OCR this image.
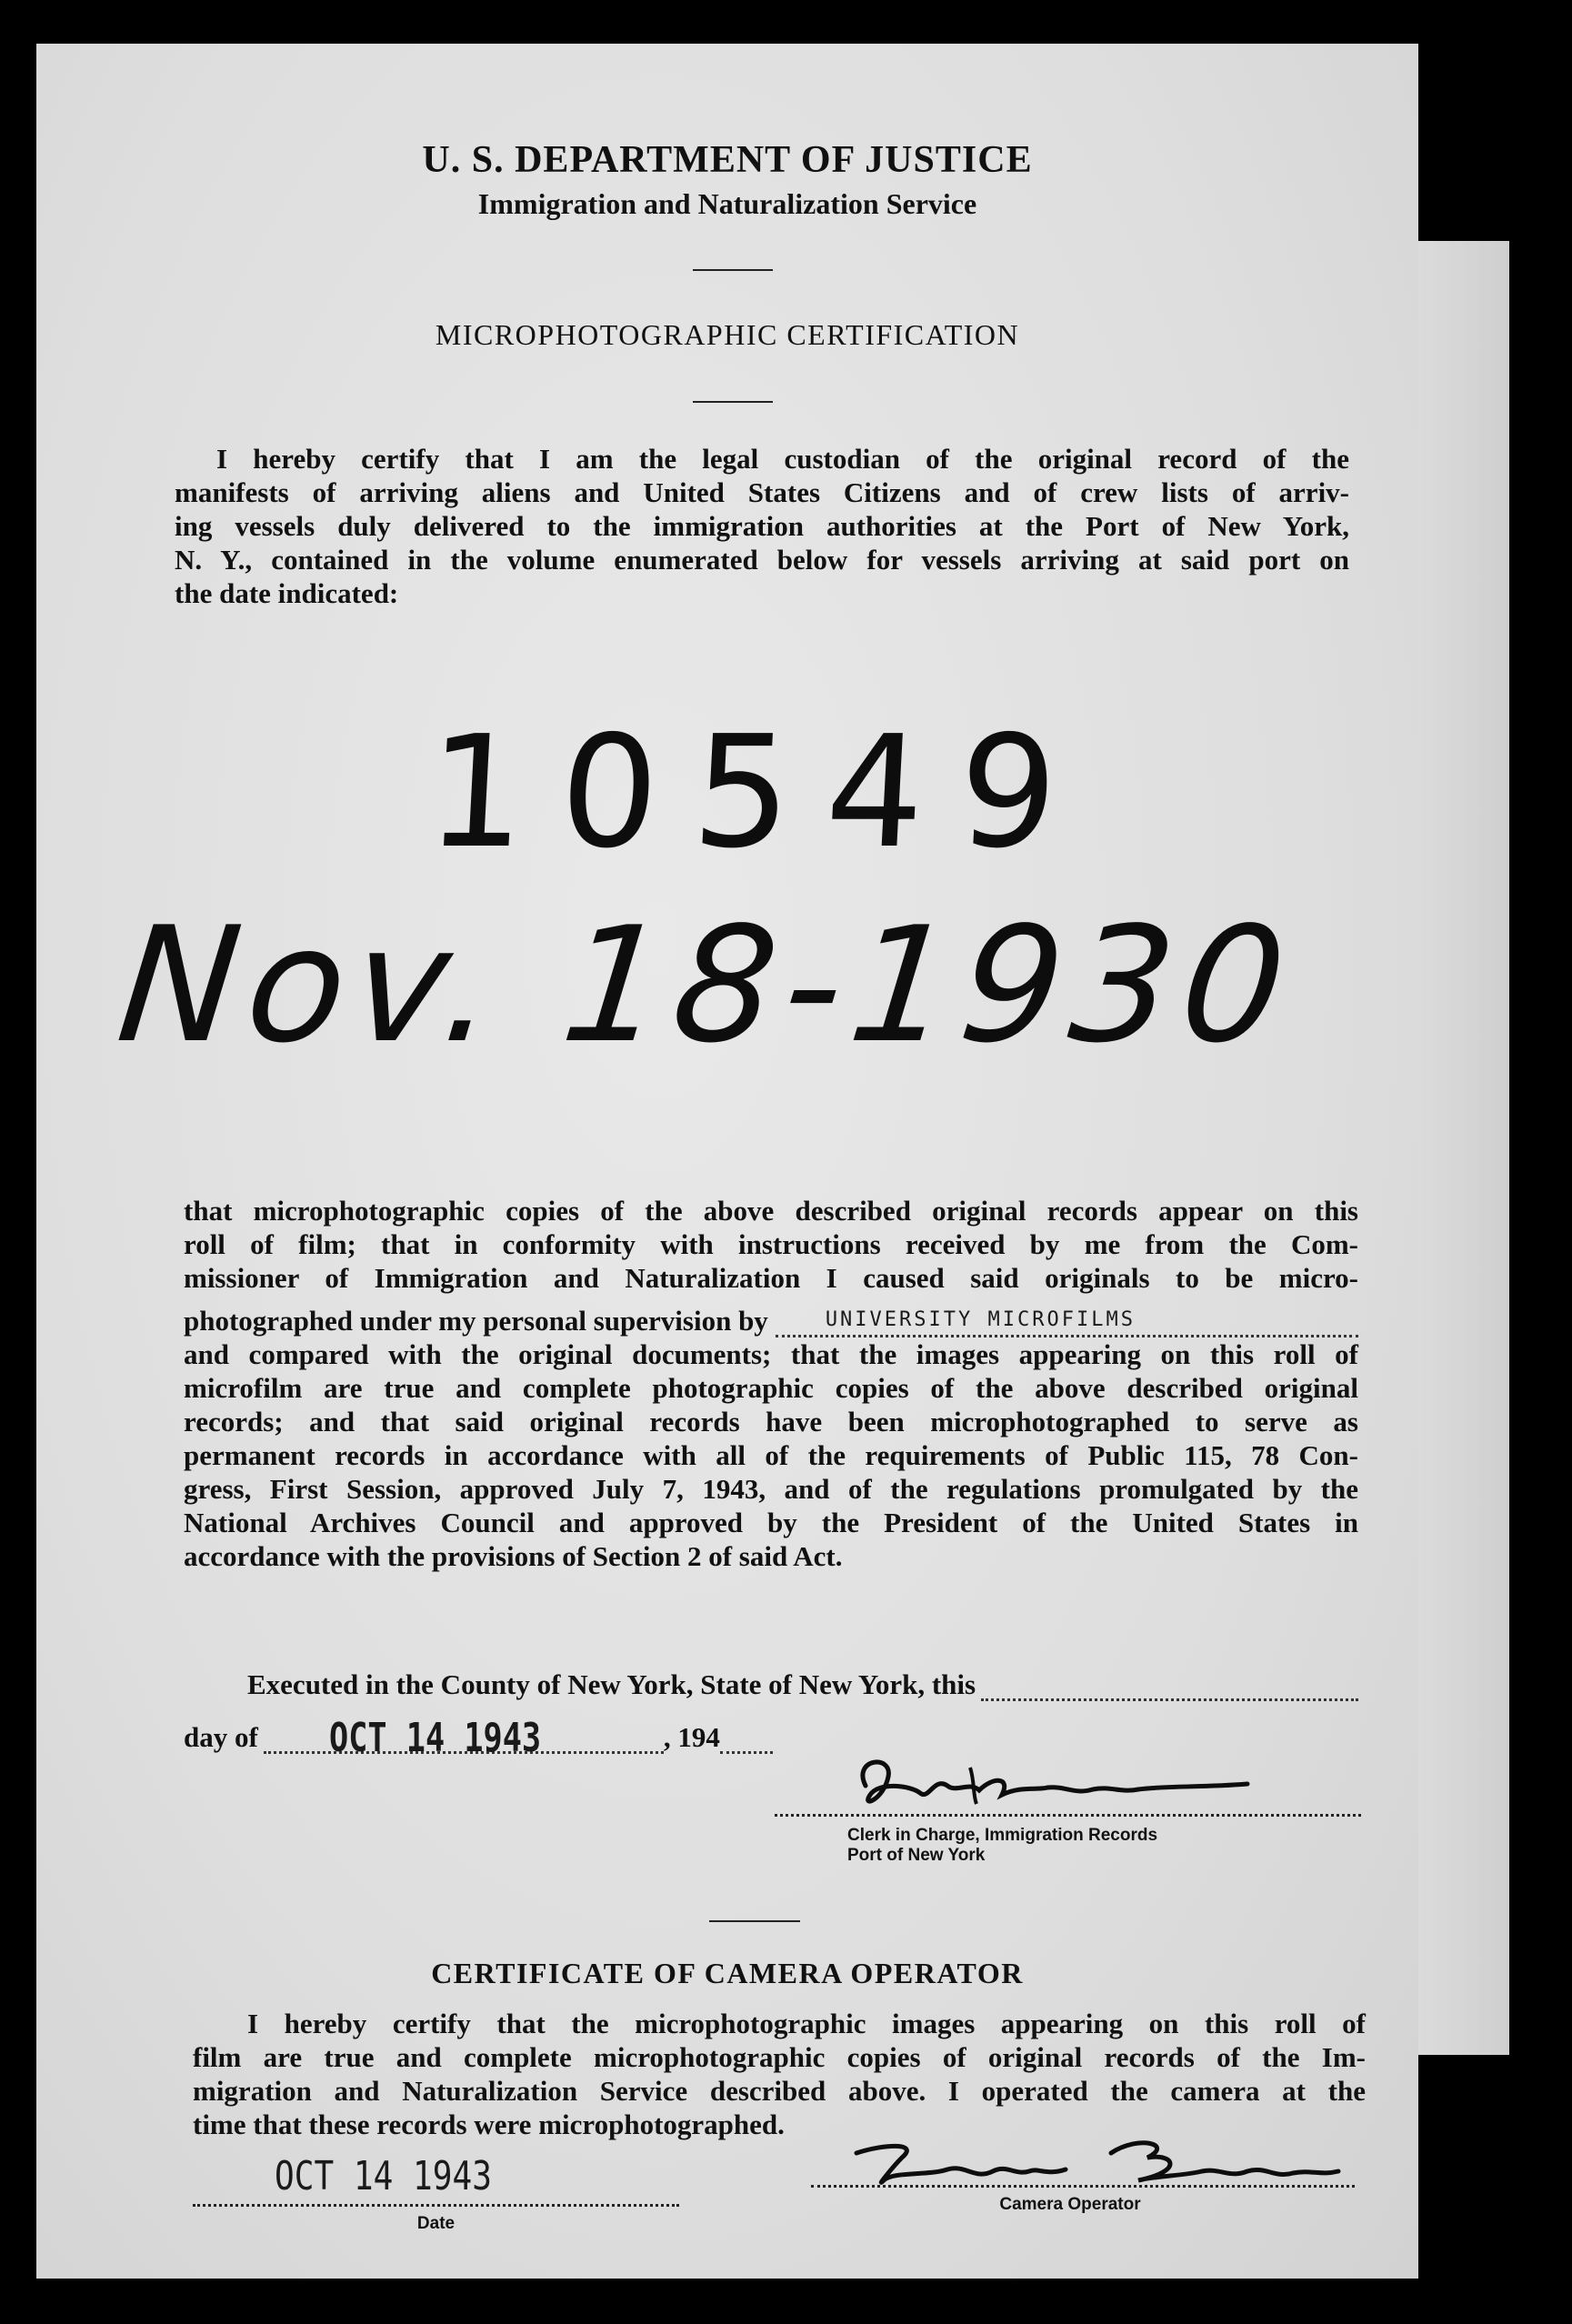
U. S. DEPARTMENT OF JUSTICE
Immigration and Naturalization Service
MICROPHOTOGRAPHIC CERTIFICATION
I hereby certify that I am the legal custodian of the original record of the
manifests of arriving aliens and United States Citizens and of crew lists of arriv-
ing vessels duly delivered to the immigration authorities at the Port of New York,
N. Y., contained in the volume enumerated below for vessels arriving at said port on
the date indicated:
10549
Nov. 18-1930
that microphotographic copies of the above described original records appear on this
roll of film; that in conformity with instructions received by me from the Com-
missioner of Immigration and Naturalization I caused said originals to be micro-
photographed under my personal supervision by	UNIVERSITY MICROFILMS
and compared with the original documents; that the images appearing on this roll of
microfilm are true and complete photographic copies of the above described original
records; and that said original records have been microphotographed to serve as
permanent records in accordance with all of the requirements of Public 115, 78 Con-
gress, First Session, approved July 7, 1943, and of the regulations promulgated by the
National Archives Council and approved by the President of the United States in
accordance with the provisions of Section 2 of said Act.
Executed in the County of New York, State of New York, this
day of OCT 14 1943	, 194
Clerk in Charge, Immigration Records
Port of New York
CERTIFICATE OF CAMERA OPERATOR
I hereby certify that the microphotographic images appearing on this roll of
film are true and complete microphotographic copies of original records of the Im-
migration and Naturalization Service described above. I operated the camera at the
time that these records were microphotographed.
OCT 14 1943
Date
Camera Operator
